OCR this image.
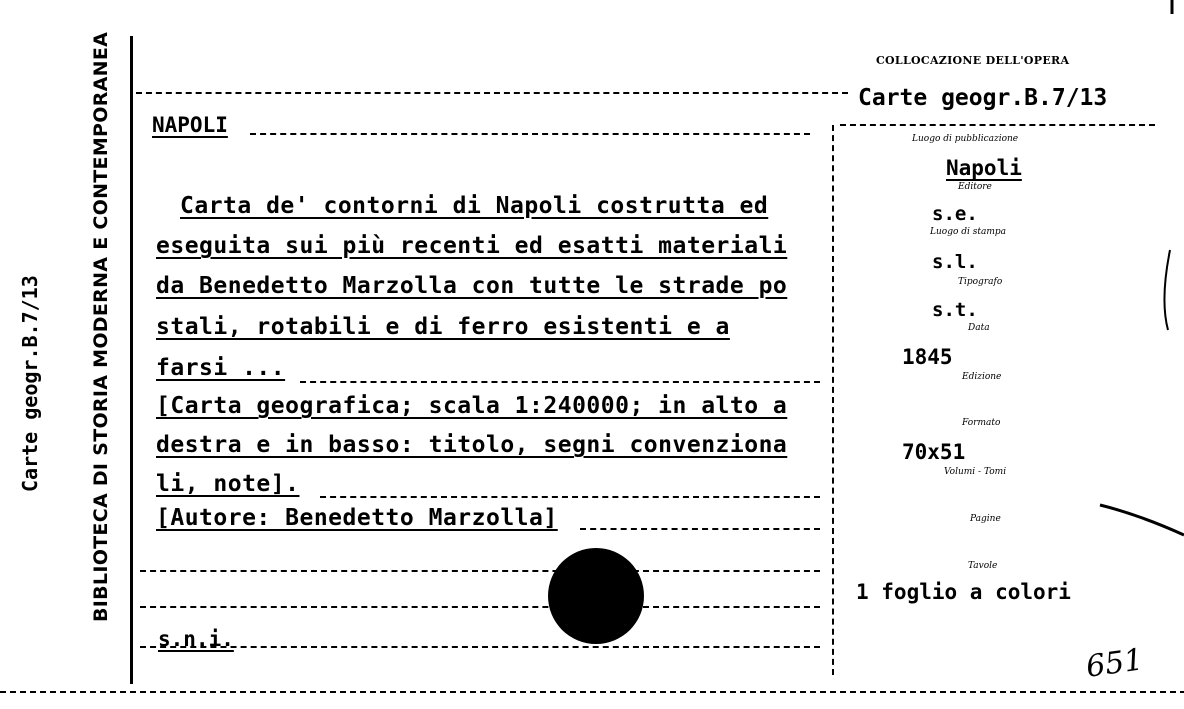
Carte geogr.B.7/13	BIBLIOTECA DI STORIA MODERNA E CONTEMPORANEA NAPOLI
Carta de' contorni di Napoli costrutta ed
eseguita sui più recenti ed esatti materiali
da Benedetto Marzolla con tutte le strade po
stali, rotabili e di ferro esistenti e a
farsi ...
[Carta geografica; scala 1:240000; in alto a
destra e in basso: titolo, segni convenziona
li, note].
[Autore: Benedetto Marzolla]
s.n.i.
COLLOCAZIONE DELL'OPERA
Carte geogr.B.7/13
Luogo di pubblicazione
Napoli
Editore
s.e.
Luogo di stampa
s.l.
Tipografo
s.t.
Data
1845
Edizione
Formato
70x51
Volumi - Tomi
Pagine
Tavole
1 foglio a colori
651
